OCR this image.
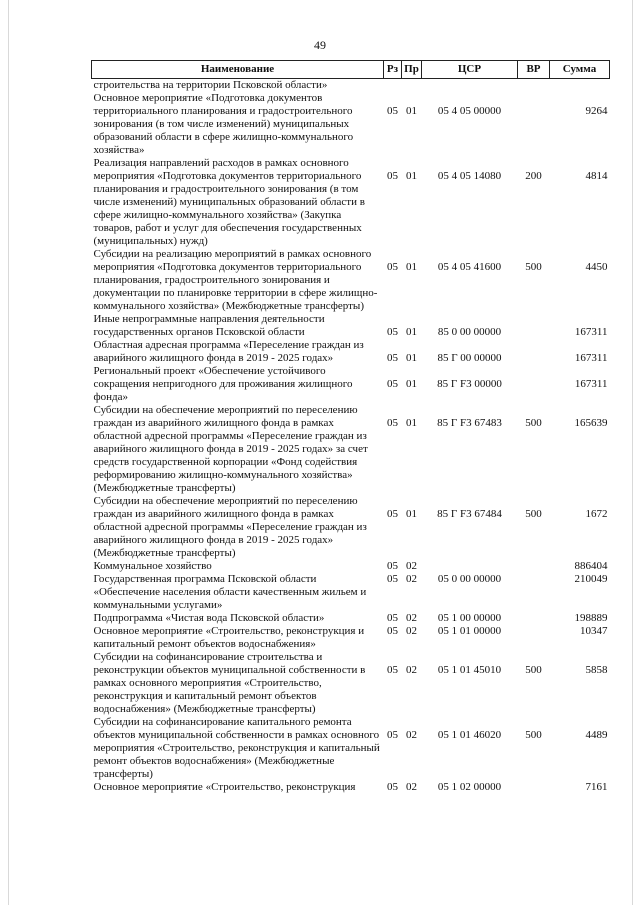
49
Наименование	Рз	Пр	ЦСР	ВР	Сумма
строительства на территории Псковской области»					
Основное мероприятие «Подготовка документов территориального планирования и градостроительного зонирования (в том числе изменений) муниципальных образований области в сфере жилищно-коммунального хозяйства»	05	01	05 4 05 00000		9264
Реализация направлений расходов в рамках основного мероприятия «Подготовка документов территориального планирования и градостроительного зонирования (в том числе изменений) муниципальных образований области в сфере жилищно-коммунального хозяйства» (Закупка товаров, работ и услуг для обеспечения государственных (муниципальных) нужд)	05	01	05 4 05 14080	200	4814
Субсидии на реализацию мероприятий в рамках основного мероприятия «Подготовка документов территориального планирования, градостроительного зонирования и документации по планировке территории в сфере жилищно-коммунального хозяйства» (Межбюджетные трансферты)	05	01	05 4 05 41600	500	4450
Иные непрограммные направления деятельности государственных органов Псковской области	05	01	85 0 00 00000		167311
Областная адресная программа «Переселение граждан из аварийного жилищного фонда в 2019 - 2025 годах»	05	01	85 Г 00 00000		167311
Региональный проект «Обеспечение устойчивого сокращения непригодного для проживания жилищного фонда»	05	01	85 Г F3 00000		167311
Субсидии на обеспечение мероприятий по переселению граждан из аварийного жилищного фонда в рамках областной адресной программы «Переселение граждан из аварийного жилищного фонда в 2019 - 2025 годах» за счет средств государственной корпорации «Фонд содействия реформированию жилищно-коммунального хозяйства» (Межбюджетные трансферты)	05	01	85 Г F3 67483	500	165639
Субсидии на обеспечение мероприятий по переселению граждан из аварийного жилищного фонда в рамках областной адресной программы «Переселение граждан из аварийного жилищного фонда в 2019 - 2025 годах» (Межбюджетные трансферты)	05	01	85 Г F3 67484	500	1672
Коммунальное хозяйство	05	02			886404
Государственная программа Псковской области «Обеспечение населения области качественным жильем и коммунальными услугами»	05	02	05 0 00 00000		210049
Подпрограмма «Чистая вода Псковской области»	05	02	05 1 00 00000		198889
Основное мероприятие «Строительство, реконструкция и капитальный ремонт объектов водоснабжения»	05	02	05 1 01 00000		10347
Субсидии на софинансирование строительства и реконструкции объектов муниципальной собственности в рамках основного мероприятия «Строительство, реконструкция и капитальный ремонт объектов водоснабжения» (Межбюджетные трансферты)	05	02	05 1 01 45010	500	5858
Субсидии на софинансирование капитального ремонта объектов муниципальной собственности в рамках основного мероприятия «Строительство, реконструкция и капитальный ремонт объектов водоснабжения» (Межбюджетные трансферты)	05	02	05 1 01 46020	500	4489
Основное мероприятие «Строительство, реконструкция	05	02	05 1 02 00000		7161
